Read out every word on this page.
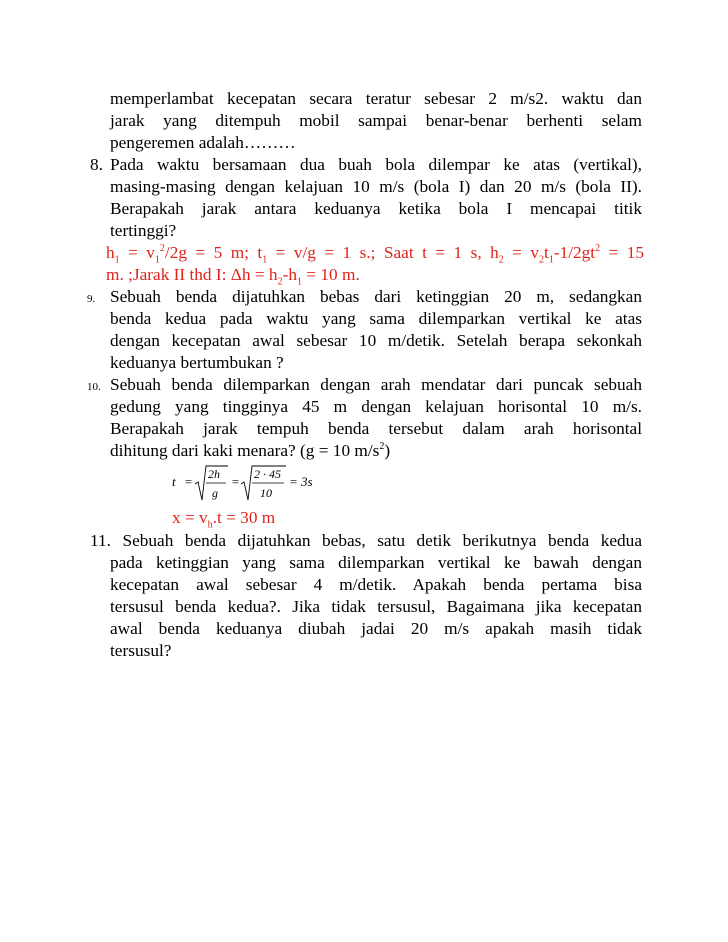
memperlambat kecepatan secara teratur sebesar 2 m/s2. waktu dan
jarak yang ditempuh mobil sampai benar-benar berhenti selam
pengeremen adalah………
8. Pada waktu bersamaan dua buah bola dilempar ke atas (vertikal),
masing-masing dengan kelajuan 10 m/s (bola I) dan 20 m/s (bola II).
Berapakah jarak antara keduanya ketika bola I mencapai titik
tertinggi?
$h_1 = v_1^2/2g = 5$ m; $t_1 = v/g = 1$ s.; Saat t = 1 s, $h_2 = v_2t_1-1/2gt^2 = 15$
m. ;Jarak II thd I: $\Delta h = h_2-h_1 = 10$ m.
9. Sebuah benda dijatuhkan bebas dari ketinggian 20 m, sedangkan
benda kedua pada waktu yang sama dilemparkan vertikal ke atas
dengan kecepatan awal sebesar 10 m/detik. Setelah berapa sekonkah
keduanya bertumbukan ?
10. Sebuah benda dilemparkan dengan arah mendatar dari puncak sebuah
gedung yang tingginya 45 m dengan kelajuan horisontal 10 m/s.
Berapakah jarak tempuh benda tersebut dalam arah horisontal
dihitung dari kaki menara? (g = 10 $m/s^2$)
t = 2h
g
= 2 · 45
10
= 3s
$x = v_h.t = 30$ m
11. Sebuah benda dijatuhkan bebas, satu detik berikutnya benda kedua
pada ketinggian yang sama dilemparkan vertikal ke bawah dengan
kecepatan awal sebesar 4 m/detik. Apakah benda pertama bisa
tersusul benda kedua?. Jika tidak tersusul, Bagaimana jika kecepatan
awal benda keduanya diubah jadai 20 m/s apakah masih tidak
tersusul?
